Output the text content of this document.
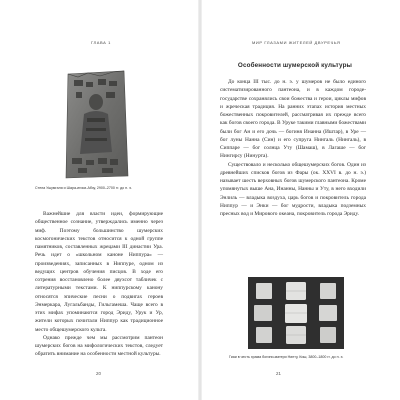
ГЛАВА 1
Стела Ушумгаля и Шара-игиси-Абзу, 2900–2700 гг. до н. э.

Важнейшие для власти идеи, формирующие общественное сознание, утверждались именно через миф. Поэтому большинство шумерских космогонических текстов относится к одной группе памятников, составленных жрецами III династии Ура. Речь идет о «школьном каноне Ниппура» — произведениях, записанных в Ниппуре, одном из ведущих центров обучения писцов. В ходе его сотрения восстановлено более двухсот табличек с литературными текстами. К ниппурскому канону относятся эпические песни о подвигах героев Энмеркара, Лугальбанды, Гильгамеша. Чаще всего в этих мифах упоминаются город Эриду, Урук и Ур, жители которых почитали Ниппур как традиционное место общешумерского культа.

Однако прежде чем мы рассмотрим пантеон шумерских богов на мифологических текстов, следует обратить внимание на особенности местной культуры.

20
МИР ГЛАЗАМИ ЖИТЕЛЕЙ ДВУРЕЧЬЯ
Особенности шумерской культуры

До конца III тыс. до н. э. у шумеров не было единого систематизированного пантеона, и в каждом городе-государстве сохранялись свои божества и герои, циклы мифов и жреческая традиция. На ранних этапах история местных божественных покровителей, рассматривая их прежде всего как богов своего города. В Уруке такими главными божествами были бог Ан и его дочь — богиня Инанна (Иштар), в Уре — бог луны Нанна (Син) и его супруга Нингаль (Нингаль), в Сиппаре — бог солнца Уту (Шамаш), в Лагаше — бог Нингирсу (Нинурта).

Существовало и несколько общешумерских богов. Один из древнейших списков богов из Фары (ок. XXVI в. до н. э.) называет шесть верховных богов шумерского пантеона. Кроме упомянутых выше Ана, Инанны, Нанны и Уту, в него входили Энлиль — владыка воздуха, царь богов и покровитель города Ниппур — и Энки — бог мудрости, владыка подземных пресных вод и Мирового океана, покровитель города Эриду.

Гиаи в честь храма богини-матери Нинту, Киш, 3800–1800 гг. до н. э.
21
